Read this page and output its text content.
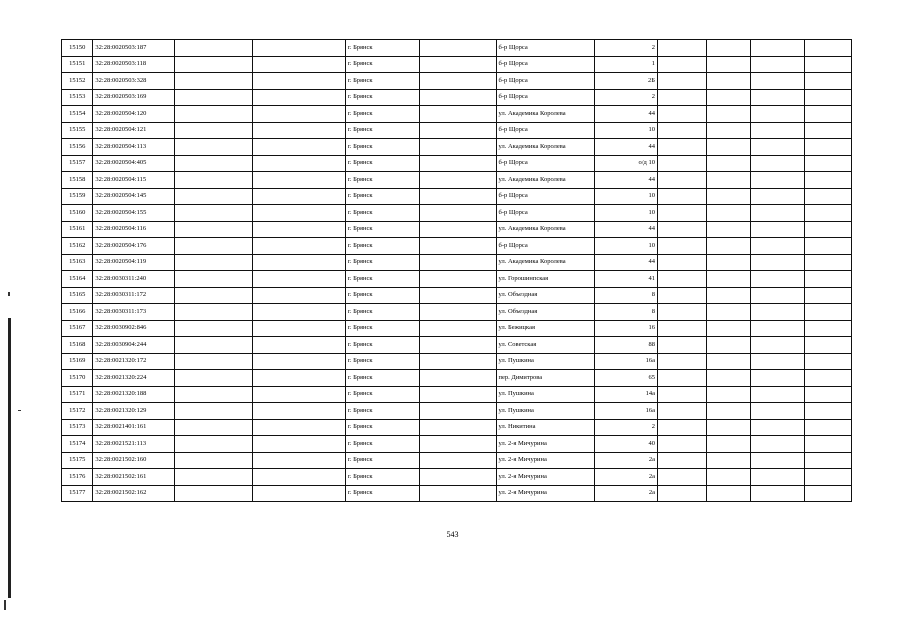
15150	32:28:0020503:187			г. Брянск		б-р Щорса	2				
15151	32:28:0020503:118			г. Брянск		б-р Щорса	1				
15152	32:28:0020503:328			г. Брянск		б-р Щорса	2Б				
15153	32:28:0020503:169			г. Брянск		б-р Щорса	2				
15154	32:28:0020504:120			г. Брянск		ул. Академика Королева	44				
15155	32:28:0020504:121			г. Брянск		б-р Щорса	10				
15156	32:28:0020504:113			г. Брянск		ул. Академика Королева	44				
15157	32:28:0020504:405			г. Брянск		б-р Щорса	о/д 10				
15158	32:28:0020504:115			г. Брянск		ул. Академика Королева	44				
15159	32:28:0020504:145			г. Брянск		б-р Щорса	10				
15160	32:28:0020504:155			г. Брянск		б-р Щорса	10				
15161	32:28:0020504:116			г. Брянск		ул. Академика Королева	44				
15162	32:28:0020504:176			г. Брянск		б-р Щорса	10				
15163	32:28:0020504:119			г. Брянск		ул. Академика Королева	44				
15164	32:28:0030311:240			г. Брянск		ул. Горошинпская	41				
15165	32:28:0030311:172			г. Брянск		ул. Объездная	8				
15166	32:28:0030311:173			г. Брянск		ул. Объездная	8				
15167	32:28:0030902:846			г. Брянск		ул. Бежицкая	16				
15168	32:28:0030904:244			г. Брянск		ул. Советская	88				
15169	32:28:0021320:172			г. Брянск		ул. Пушкина	16а				
15170	32:28:0021320:224			г. Брянск		пер. Димитрова	65				
15171	32:28:0021320:188			г. Брянск		ул. Пушкина	14а				
15172	32:28:0021320:129			г. Брянск		ул. Пушкина	16а				
15173	32:28:0021401:161			г. Брянск		ул. Никитина	2				
15174	32:28:0021521:113			г. Брянск		ул. 2-я Мичурина	40				
15175	32:28:0021502:160			г. Брянск		ул. 2-я Мичурина	2а				
15176	32:28:0021502:161			г. Брянск		ул. 2-я Мичурина	2а				
15177	32:28:0021502:162			г. Брянск		ул. 2-я Мичурина	2а				
543
